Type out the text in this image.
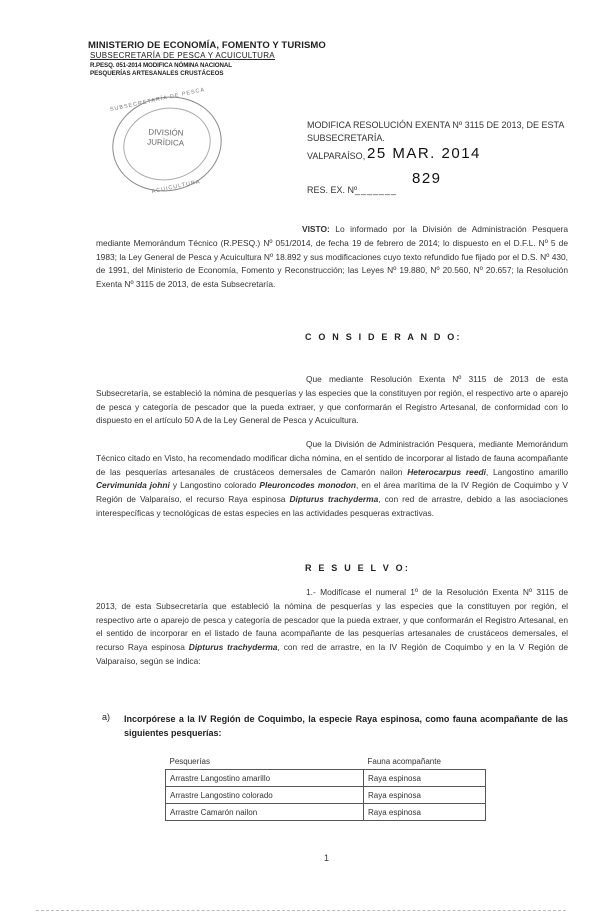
MINISTERIO DE ECONOMÍA, FOMENTO Y TURISMO
SUBSECRETARÍA DE PESCA Y ACUICULTURA
R.PESQ. 051-2014 MODIFICA NÓMINA NACIONAL
PESQUERÍAS ARTESANALES CRUSTÁCEOS
SUBSECRETARÍA DE PESCA
DIVISIÓN
JURÍDICA
ACUICULTURA
MODIFICA RESOLUCIÓN EXENTA Nº 3115 DE 2013, DE ESTA SUBSECRETARÍA.
VALPARAÍSO, 25 MAR. 2014
RES. EX. Nº
_______
829
VISTO: Lo informado por la División de Administración Pesquera mediante Memorándum Técnico (R.PESQ.) Nº 051/2014, de fecha 19 de febrero de 2014; lo dispuesto en el D.F.L. Nº 5 de 1983; la Ley General de Pesca y Acuicultura Nº 18.892 y sus modificaciones cuyo texto refundido fue fijado por el D.S. Nº 430, de 1991, del Ministerio de Economía, Fomento y Reconstrucción; las Leyes Nº 19.880, Nº 20.560, Nº 20.657; la Resolución Exenta Nº 3115 de 2013, de esta Subsecretaría.
C O N S I D E R A N D O:
Que mediante Resolución Exenta Nº 3115 de 2013 de esta Subsecretaría, se estableció la nómina de pesquerías y las especies que la constituyen por región, el respectivo arte o aparejo de pesca y categoría de pescador que la pueda extraer, y que conformarán el Registro Artesanal, de conformidad con lo dispuesto en el artículo 50 A de la Ley General de Pesca y Acuicultura.
Que la División de Administración Pesquera, mediante Memorándum Técnico citado en Visto, ha recomendado modificar dicha nómina, en el sentido de incorporar al listado de fauna acompañante de las pesquerías artesanales de crustáceos demersales de Camarón nailon Heterocarpus reedi, Langostino amarillo Cervimunida johni y Langostino colorado Pleuroncodes monodon, en el área marítima de la IV Región de Coquimbo y V Región de Valparaíso, el recurso Raya espinosa Dipturus trachyderma, con red de arrastre, debido a las asociaciones interespecíficas y tecnológicas de estas especies en las actividades pesqueras extractivas.
R E S U E L V O:
1.- Modifícase el numeral 1º de la Resolución Exenta Nº 3115 de 2013, de esta Subsecretaría que estableció la nómina de pesquerías y las especies que la constituyen por región, el respectivo arte o aparejo de pesca y categoría de pescador que la pueda extraer, y que conformarán el Registro Artesanal, en el sentido de incorporar en el listado de fauna acompañante de las pesquerías artesanales de crustáceos demersales, el recurso Raya espinosa Dipturus trachyderma, con red de arrastre, en la IV Región de Coquimbo y en la V Región de Valparaíso, según se indica:
a) Incorpórese a la IV Región de Coquimbo, la especie Raya espinosa, como fauna acompañante de las siguientes pesquerías:
Pesquerías	Fauna acompañante
Arrastre Langostino amarillo	Raya espinosa
Arrastre Langostino colorado	Raya espinosa
Arrastre Camarón nailon	Raya espinosa
1
